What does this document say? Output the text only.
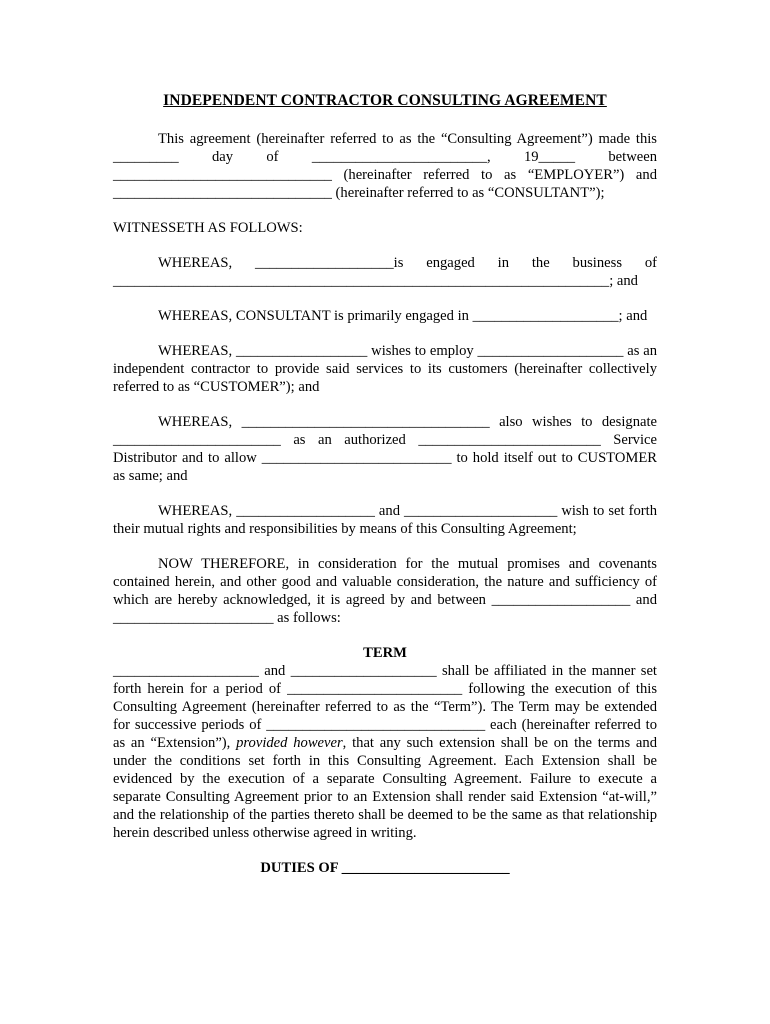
INDEPENDENT CONTRACTOR CONSULTING AGREEMENT

This agreement (hereinafter referred to as the “Consulting Agreement”) made this _________ day of ________________________, 19_____ between ______________________________ (hereinafter referred to as “EMPLOYER”) and ______________________________ (hereinafter referred to as “CONSULTANT”);

WITNESSETH AS FOLLOWS:

WHEREAS, ___________________is engaged in the business of ____________________________________________________________________; and

WHEREAS, CONSULTANT is primarily engaged in ____________________; and

WHEREAS, __________________ wishes to employ ____________________ as an independent contractor to provide said services to its customers (hereinafter collectively referred to as “CUSTOMER”); and

WHEREAS, __________________________________ also wishes to designate _______________________ as an authorized _________________________ Service Distributor and to allow __________________________ to hold itself out to CUSTOMER as same; and

WHEREAS, ___________________ and _____________________ wish to set forth their mutual rights and responsibilities by means of this Consulting Agreement;

NOW THEREFORE, in consideration for the mutual promises and covenants contained herein, and other good and valuable consideration, the nature and sufficiency of which are hereby acknowledged, it is agreed by and between ___________________ and ______________________ as follows:

TERM

____________________ and ____________________ shall be affiliated in the manner set forth herein for a period of ________________________ following the execution of this Consulting Agreement (hereinafter referred to as the “Term”). The Term may be extended for successive periods of ______________________________ each (hereinafter referred to as an “Extension”), provided however, that any such extension shall be on the terms and under the conditions set forth in this Consulting Agreement. Each Extension shall be evidenced by the execution of a separate Consulting Agreement. Failure to execute a separate Consulting Agreement prior to an Extension shall render said Extension “at-will,” and the relationship of the parties thereto shall be deemed to be the same as that relationship herein described unless otherwise agreed in writing.

DUTIES OF _______________________
